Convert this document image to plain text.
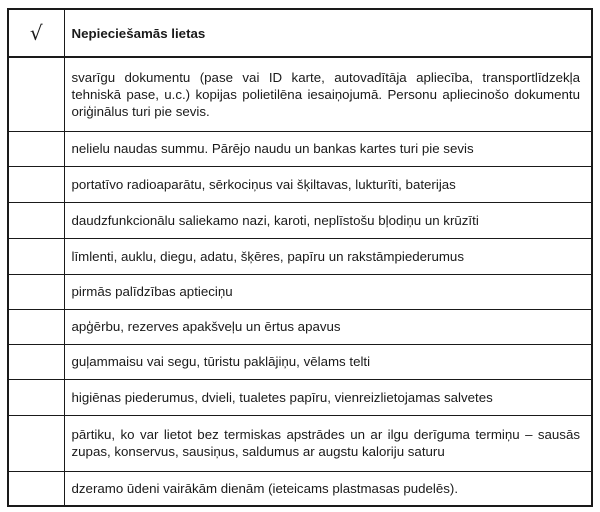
√	Nepieciešamās lietas
	svarīgu dokumentu (pase vai ID karte, autovadītāja apliecība, transportlīdzekļa tehniskā pase, u.c.) kopijas polietilēna iesaiņojumā. Personu apliecinošo dokumentu oriģinālus turi pie sevis.
	nelielu naudas summu. Pārējo naudu un bankas kartes turi pie sevis
	portatīvo radioaparātu, sērkociņus vai šķiltavas, lukturīti, baterijas
	daudzfunkcionālu saliekamo nazi, karoti, neplīstošu bļodiņu un krūzīti
	līmlenti, auklu, diegu, adatu, šķēres, papīru un rakstāmpiederumus
	pirmās palīdzības aptieciņu
	apģērbu, rezerves apakšveļu un ērtus apavus
	guļammaisu vai segu, tūristu paklājiņu, vēlams telti
	higiēnas piederumus, dvieli, tualetes papīru, vienreizlietojamas salvetes
	pārtiku, ko var lietot bez termiskas apstrādes un ar ilgu derīguma termiņu – sausās zupas, konservus, sausiņus, saldumus ar augstu kaloriju saturu
	dzeramo ūdeni vairākām dienām (ieteicams plastmasas pudelēs).
